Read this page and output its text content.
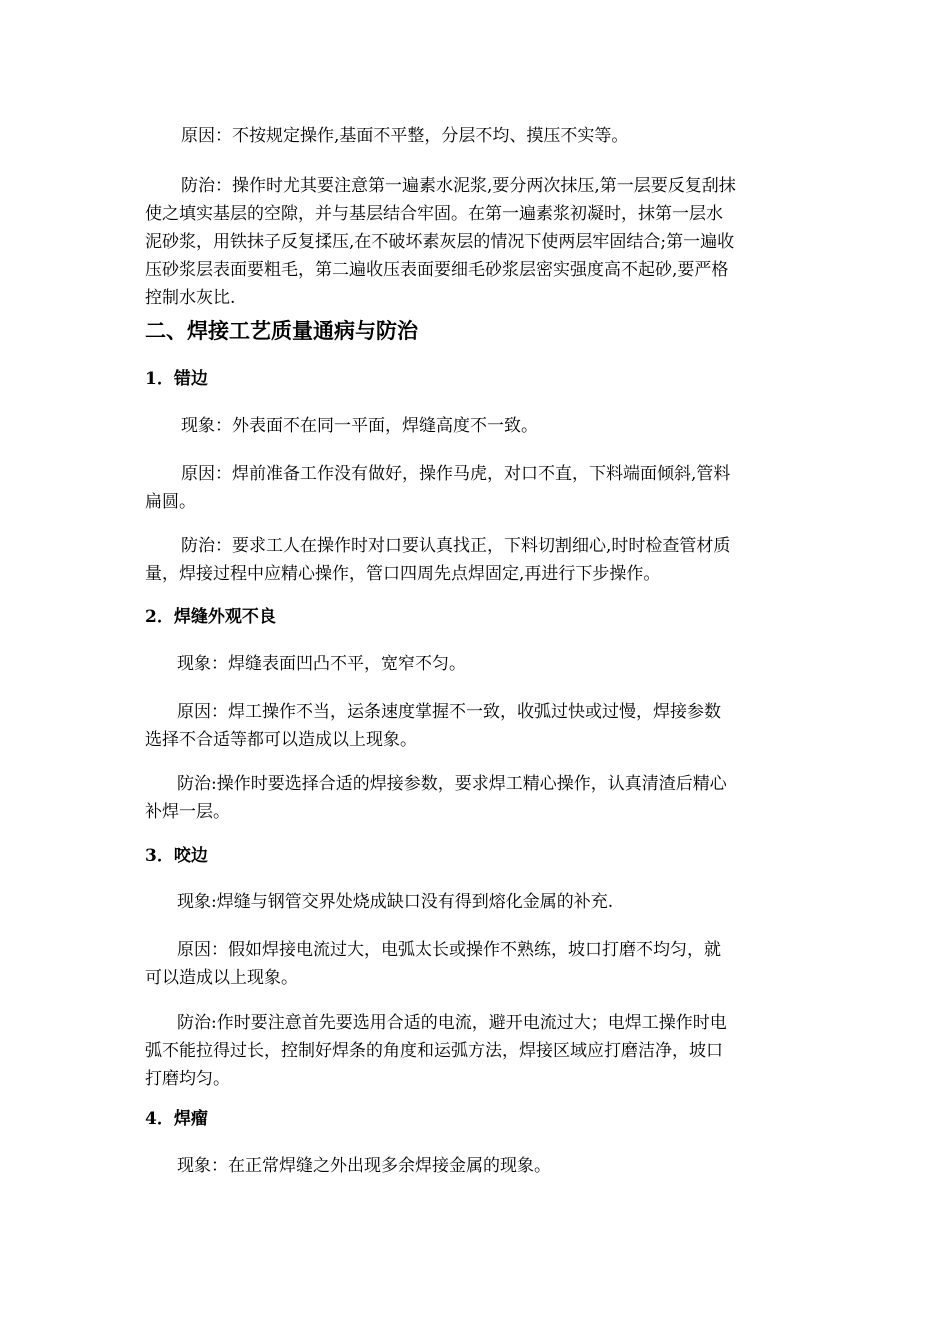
原因：不按规定操作,基面不平整，分层不均、摸压不实等。
防治：操作时尤其要注意第一遍素水泥浆,要分两次抹压,第一层要反复刮抹
使之填实基层的空隙，并与基层结合牢固。在第一遍素浆初凝时，抹第一层水
泥砂浆，用铁抹子反复揉压,在不破坏素灰层的情况下使两层牢固结合;第一遍收
压砂浆层表面要粗毛，第二遍收压表面要细毛砂浆层密实强度高不起砂,要严格
控制水灰比.
二、焊接工艺质量通病与防治
1．错边
现象：外表面不在同一平面，焊缝高度不一致。
原因：焊前准备工作没有做好，操作马虎，对口不直，下料端面倾斜,管料
扁圆。
防治：要求工人在操作时对口要认真找正，下料切割细心,时时检查管材质
量，焊接过程中应精心操作，管口四周先点焊固定,再进行下步操作。
2．焊缝外观不良
现象：焊缝表面凹凸不平，宽窄不匀。
原因：焊工操作不当，运条速度掌握不一致，收弧过快或过慢，焊接参数
选择不合适等都可以造成以上现象。
防治:操作时要选择合适的焊接参数，要求焊工精心操作，认真清渣后精心
补焊一层。
3．咬边
现象:焊缝与钢管交界处烧成缺口没有得到熔化金属的补充.
原因：假如焊接电流过大，电弧太长或操作不熟练，坡口打磨不均匀，就
可以造成以上现象。
防治:作时要注意首先要选用合适的电流，避开电流过大；电焊工操作时电
弧不能拉得过长，控制好焊条的角度和运弧方法，焊接区域应打磨洁净，坡口
打磨均匀。
4．焊瘤
现象：在正常焊缝之外出现多余焊接金属的现象。
